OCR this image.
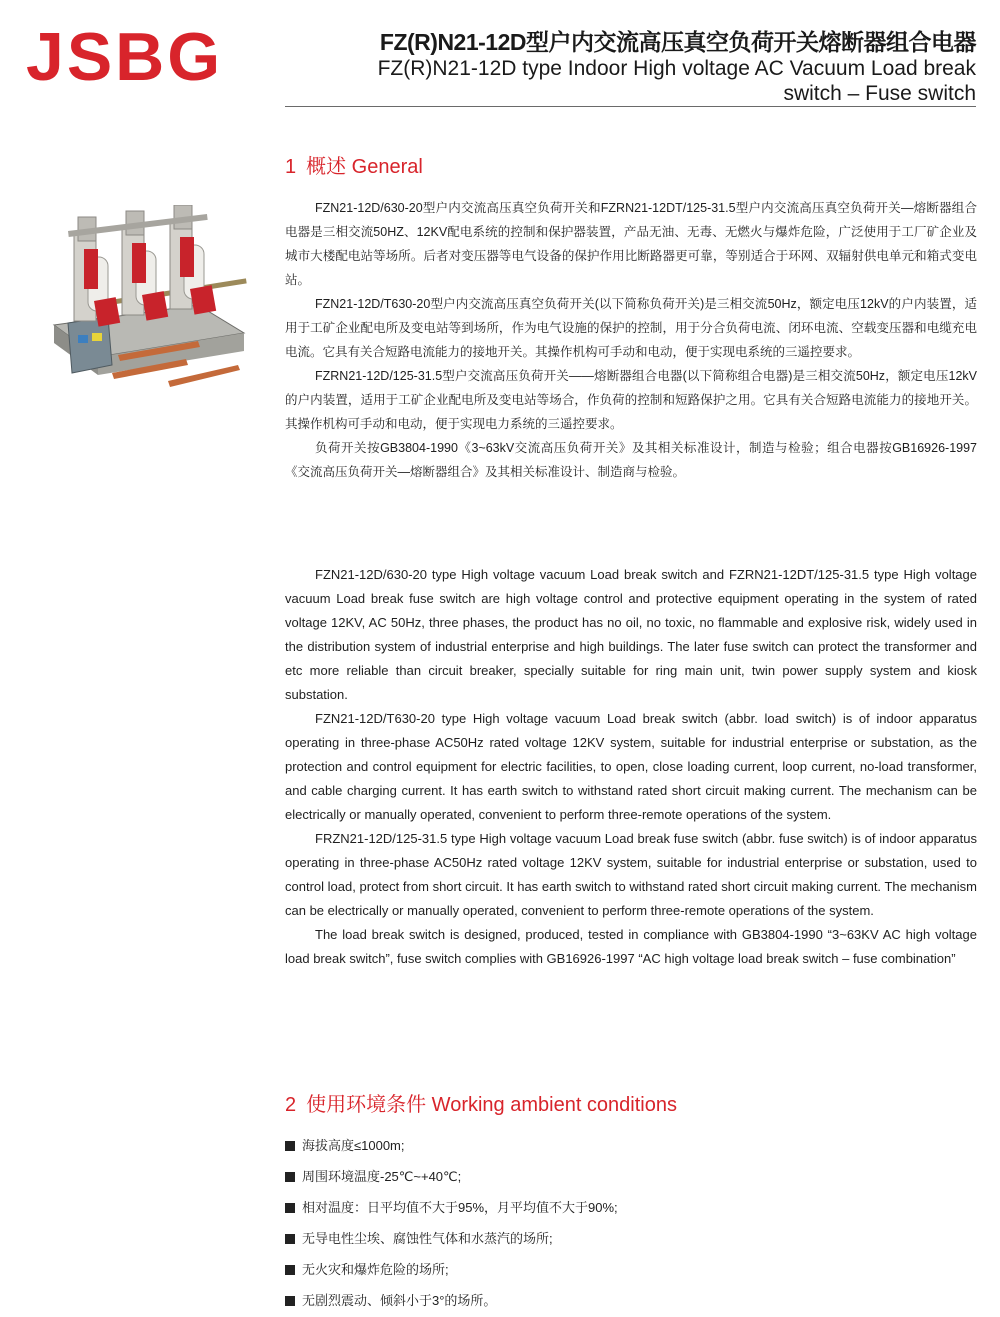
JSBG	FZ(R)N21-12D型户内交流高压真空负荷开关熔断器组合电器
FZ(R)N21-12D type Indoor High voltage AC Vacuum Load break
switch – Fuse switch
1 概述 General

FZN21-12D/630-20型户内交流高压真空负荷开关和FZRN21-12DT/125-31.5型户内交流高压真空负荷开关—熔断器组合电器是三相交流50HZ、12KV配电系统的控制和保护器装置，产品无油、无毒、无燃火与爆炸危险，广泛使用于工厂矿企业及城市大楼配电站等场所。后者对变压器等电气设备的保护作用比断路器更可靠，等别适合于环网、双辐射供电单元和箱式变电站。

FZN21-12D/T630-20型户内交流高压真空负荷开关(以下简称负荷开关)是三相交流50Hz，额定电压12kV的户内装置，适用于工矿企业配电所及变电站等到场所，作为电气设施的保护的控制，用于分合负荷电流、闭环电流、空载变压器和电缆充电电流。它具有关合短路电流能力的接地开关。其操作机构可手动和电动，便于实现电系统的三遥控要求。

FZRN21-12D/125-31.5型户交流高压负荷开关——熔断器组合电器(以下简称组合电器)是三相交流50Hz，额定电压12kV的户内装置，适用于工矿企业配电所及变电站等场合，作负荷的控制和短路保护之用。它具有关合短路电流能力的接地开关。其操作机构可手动和电动，便于实现电力系统的三遥控要求。

负荷开关按GB3804-1990《3~63kV交流高压负荷开关》及其相关标准设计，制造与检验；组合电器按GB16926-1997《交流高压负荷开关—熔断器组合》及其相关标准设计、制造商与检验。

FZN21-12D/630-20 type High voltage vacuum Load break switch and FZRN21-12DT/125-31.5 type High voltage vacuum Load break fuse switch are high voltage control and protective equipment operating in the system of rated voltage 12KV, AC 50Hz, three phases, the product has no oil, no toxic, no flammable and explosive risk, widely used in the distribution system of industrial enterprise and high buildings. The later fuse switch can protect the transformer and etc more reliable than circuit breaker, specially suitable for ring main unit, twin power supply system and kiosk substation.

FZN21-12D/T630-20 type High voltage vacuum Load break switch (abbr. load switch) is of indoor apparatus operating in three-phase AC50Hz rated voltage 12KV system, suitable for industrial enterprise or substation, as the protection and control equipment for electric facilities, to open, close loading current, loop current, no-load transformer, and cable charging current. It has earth switch to withstand rated short circuit making current. The mechanism can be electrically or manually operated, convenient to perform three-remote operations of the system.

FRZN21-12D/125-31.5 type High voltage vacuum Load break fuse switch (abbr. fuse switch) is of indoor apparatus operating in three-phase AC50Hz rated voltage 12KV system, suitable for industrial enterprise or substation, used to control load, protect from short circuit. It has earth switch to withstand rated short circuit making current. The mechanism can be electrically or manually operated, convenient to perform three-remote operations of the system.

The load break switch is designed, produced, tested in compliance with GB3804-1990 “3~63KV AC high voltage load break switch”, fuse switch complies with GB16926-1997 “AC high voltage load break switch – fuse combination”

2 使用环境条件 Working ambient conditions
海拔高度≤1000m;
周围环境温度-25℃~+40℃;
相对温度：日平均值不大于95%，月平均值不大于90%;
无导电性尘埃、腐蚀性气体和水蒸汽的场所;
无火灾和爆炸危险的场所;
无剧烈震动、倾斜小于3°的场所。
